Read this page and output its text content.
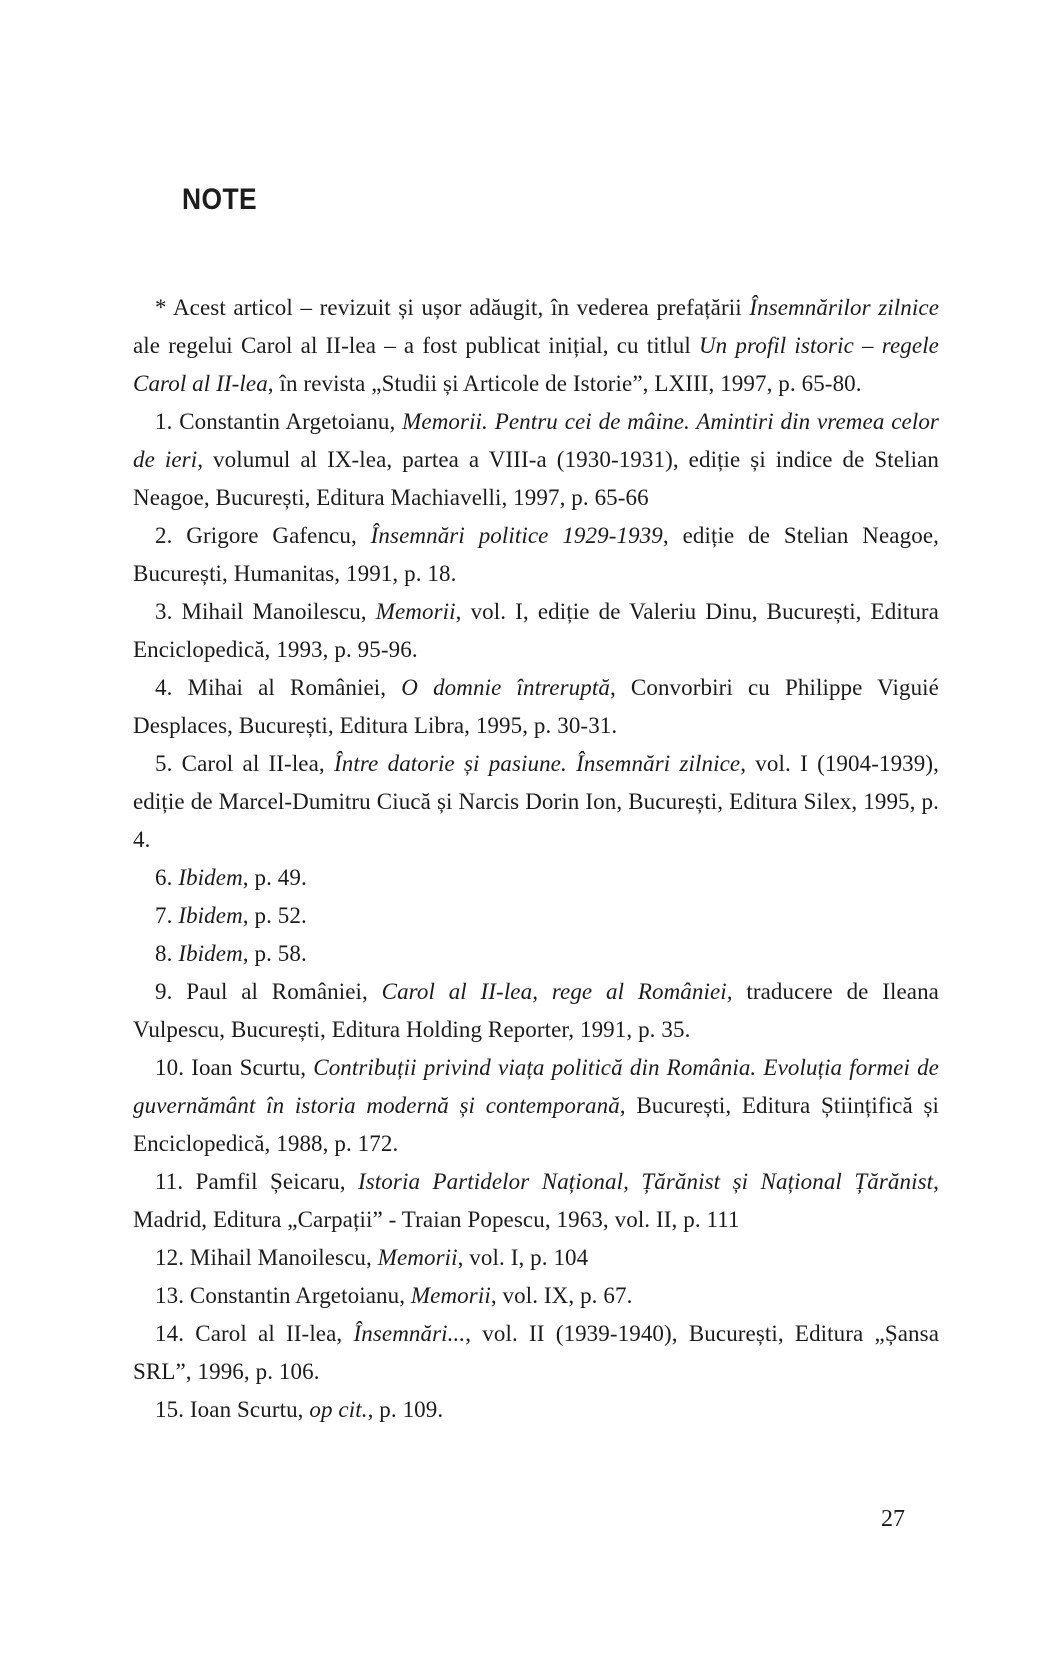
NOTE

* Acest articol – revizuit și ușor adăugit, în vederea prefațării Însemnărilor zilnice ale regelui Carol al II-lea – a fost publicat inițial, cu titlul Un profil istoric – regele Carol al II-lea, în revista „Studii și Articole de Istorie”, LXIII, 1997, p. 65-80.

1. Constantin Argetoianu, Memorii. Pentru cei de mâine. Amintiri din vremea celor de ieri, volumul al IX-lea, partea a VIII-a (1930-1931), ediție și indice de Stelian Neagoe, București, Editura Machiavelli, 1997, p. 65-66

2. Grigore Gafencu, Însemnări politice 1929-1939, ediție de Stelian Neagoe, București, Humanitas, 1991, p. 18.

3. Mihail Manoilescu, Memorii, vol. I, ediție de Valeriu Dinu, București, Editura Enciclopedică, 1993, p. 95-96.

4. Mihai al României, O domnie întreruptă, Convorbiri cu Philippe Viguié Desplaces, București, Editura Libra, 1995, p. 30-31.

5. Carol al II-lea, Între datorie și pasiune. Însemnări zilnice, vol. I (1904-1939), ediție de Marcel-Dumitru Ciucă și Narcis Dorin Ion, București, Editura Silex, 1995, p. 4.

6. Ibidem, p. 49.

7. Ibidem, p. 52.

8. Ibidem, p. 58.

9. Paul al României, Carol al II-lea, rege al României, traducere de Ileana Vulpescu, București, Editura Holding Reporter, 1991, p. 35.

10. Ioan Scurtu, Contribuții privind viața politică din România. Evoluția formei de guvernământ în istoria modernă și contemporană, București, Editura Științifică și Enciclopedică, 1988, p. 172.

11. Pamfil Șeicaru, Istoria Partidelor Național, Țărănist și Național Țărănist, Madrid, Editura „Carpații” - Traian Popescu, 1963, vol. II, p. 111

12. Mihail Manoilescu, Memorii, vol. I, p. 104

13. Constantin Argetoianu, Memorii, vol. IX, p. 67.

14. Carol al II-lea, Însemnări..., vol. II (1939-1940), București, Editura „Șansa SRL”, 1996, p. 106.

15. Ioan Scurtu, op cit., p. 109.

27
